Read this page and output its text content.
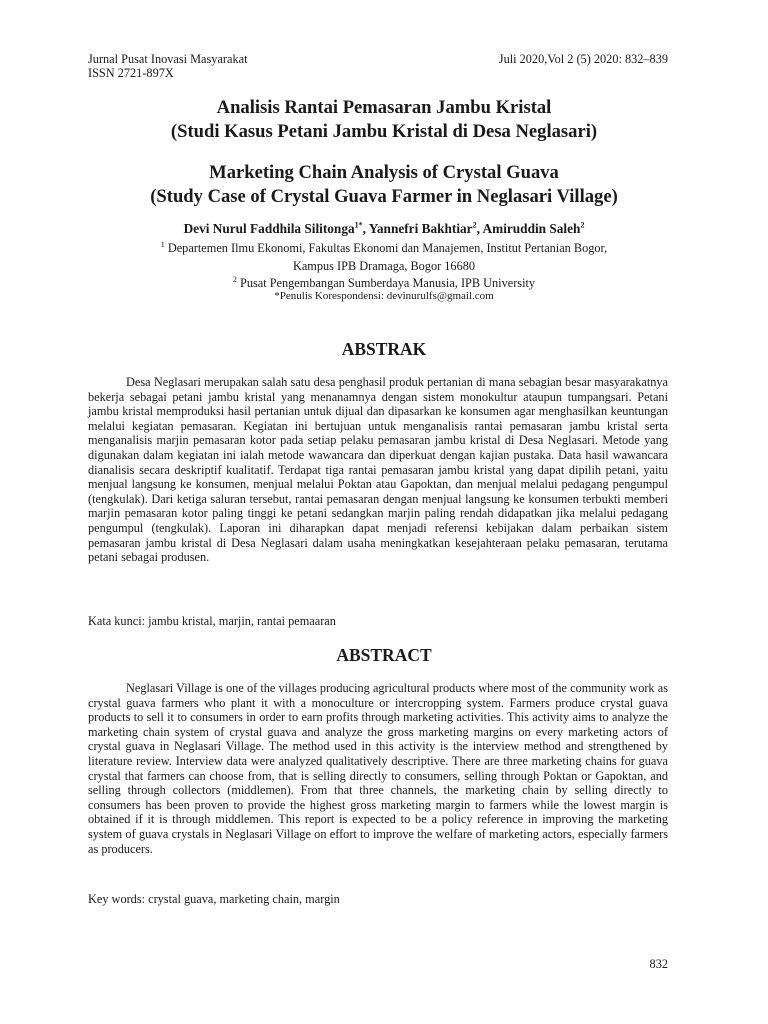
Jurnal Pusat Inovasi Masyarakat
ISSN 2721-897X
Juli 2020,Vol 2 (5) 2020: 832–839
Analisis Rantai Pemasaran Jambu Kristal
(Studi Kasus Petani Jambu Kristal di Desa Neglasari)
Marketing Chain Analysis of Crystal Guava
(Study Case of Crystal Guava Farmer in Neglasari Village)
Devi Nurul Faddhila Silitonga$^{1*}$, Yannefri Bakhtiar$^2$, Amiruddin Saleh$^2$
$^1$ Departemen Ilmu Ekonomi, Fakultas Ekonomi dan Manajemen, Institut Pertanian Bogor,
Kampus IPB Dramaga, Bogor 16680
$^2$ Pusat Pengembangan Sumberdaya Manusia, IPB University
*Penulis Korespondensi: devinurulfs@gmail.com
ABSTRAK
Desa Neglasari merupakan salah satu desa penghasil produk pertanian di mana sebagian besar masyarakatnya bekerja sebagai petani jambu kristal yang menanamnya dengan sistem monokultur ataupun tumpangsari. Petani jambu kristal memproduksi hasil pertanian untuk dijual dan dipasarkan ke konsumen agar menghasilkan keuntungan melalui kegiatan pemasaran. Kegiatan ini bertujuan untuk menganalisis rantai pemasaran jambu kristal serta menganalisis marjin pemasaran kotor pada setiap pelaku pemasaran jambu kristal di Desa Neglasari. Metode yang digunakan dalam kegiatan ini ialah metode wawancara dan diperkuat dengan kajian pustaka. Data hasil wawancara dianalisis secara deskriptif kualitatif. Terdapat tiga rantai pemasaran jambu kristal yang dapat dipilih petani, yaitu menjual langsung ke konsumen, menjual melalui Poktan atau Gapoktan, dan menjual melalui pedagang pengumpul (tengkulak). Dari ketiga saluran tersebut, rantai pemasaran dengan menjual langsung ke konsumen terbukti memberi marjin pemasaran kotor paling tinggi ke petani sedangkan marjin paling rendah didapatkan jika melalui pedagang pengumpul (tengkulak). Laporan ini diharapkan dapat menjadi referensi kebijakan dalam perbaikan sistem pemasaran jambu kristal di Desa Neglasari dalam usaha meningkatkan kesejahteraan pelaku pemasaran, terutama petani sebagai produsen.
Kata kunci: jambu kristal, marjin, rantai pemaaran
ABSTRACT
Neglasari Village is one of the villages producing agricultural products where most of the community work as crystal guava farmers who plant it with a monoculture or intercropping system. Farmers produce crystal guava products to sell it to consumers in order to earn profits through marketing activities. This activity aims to analyze the marketing chain system of crystal guava and analyze the gross marketing margins on every marketing actors of crystal guava in Neglasari Village. The method used in this activity is the interview method and strengthened by literature review. Interview data were analyzed qualitatively descriptive. There are three marketing chains for guava crystal that farmers can choose from, that is selling directly to consumers, selling through Poktan or Gapoktan, and selling through collectors (middlemen). From that three channels, the marketing chain by selling directly to consumers has been proven to provide the highest gross marketing margin to farmers while the lowest margin is obtained if it is through middlemen. This report is expected to be a policy reference in improving the marketing system of guava crystals in Neglasari Village on effort to improve the welfare of marketing actors, especially farmers as producers.
Key words: crystal guava, marketing chain, margin
832
